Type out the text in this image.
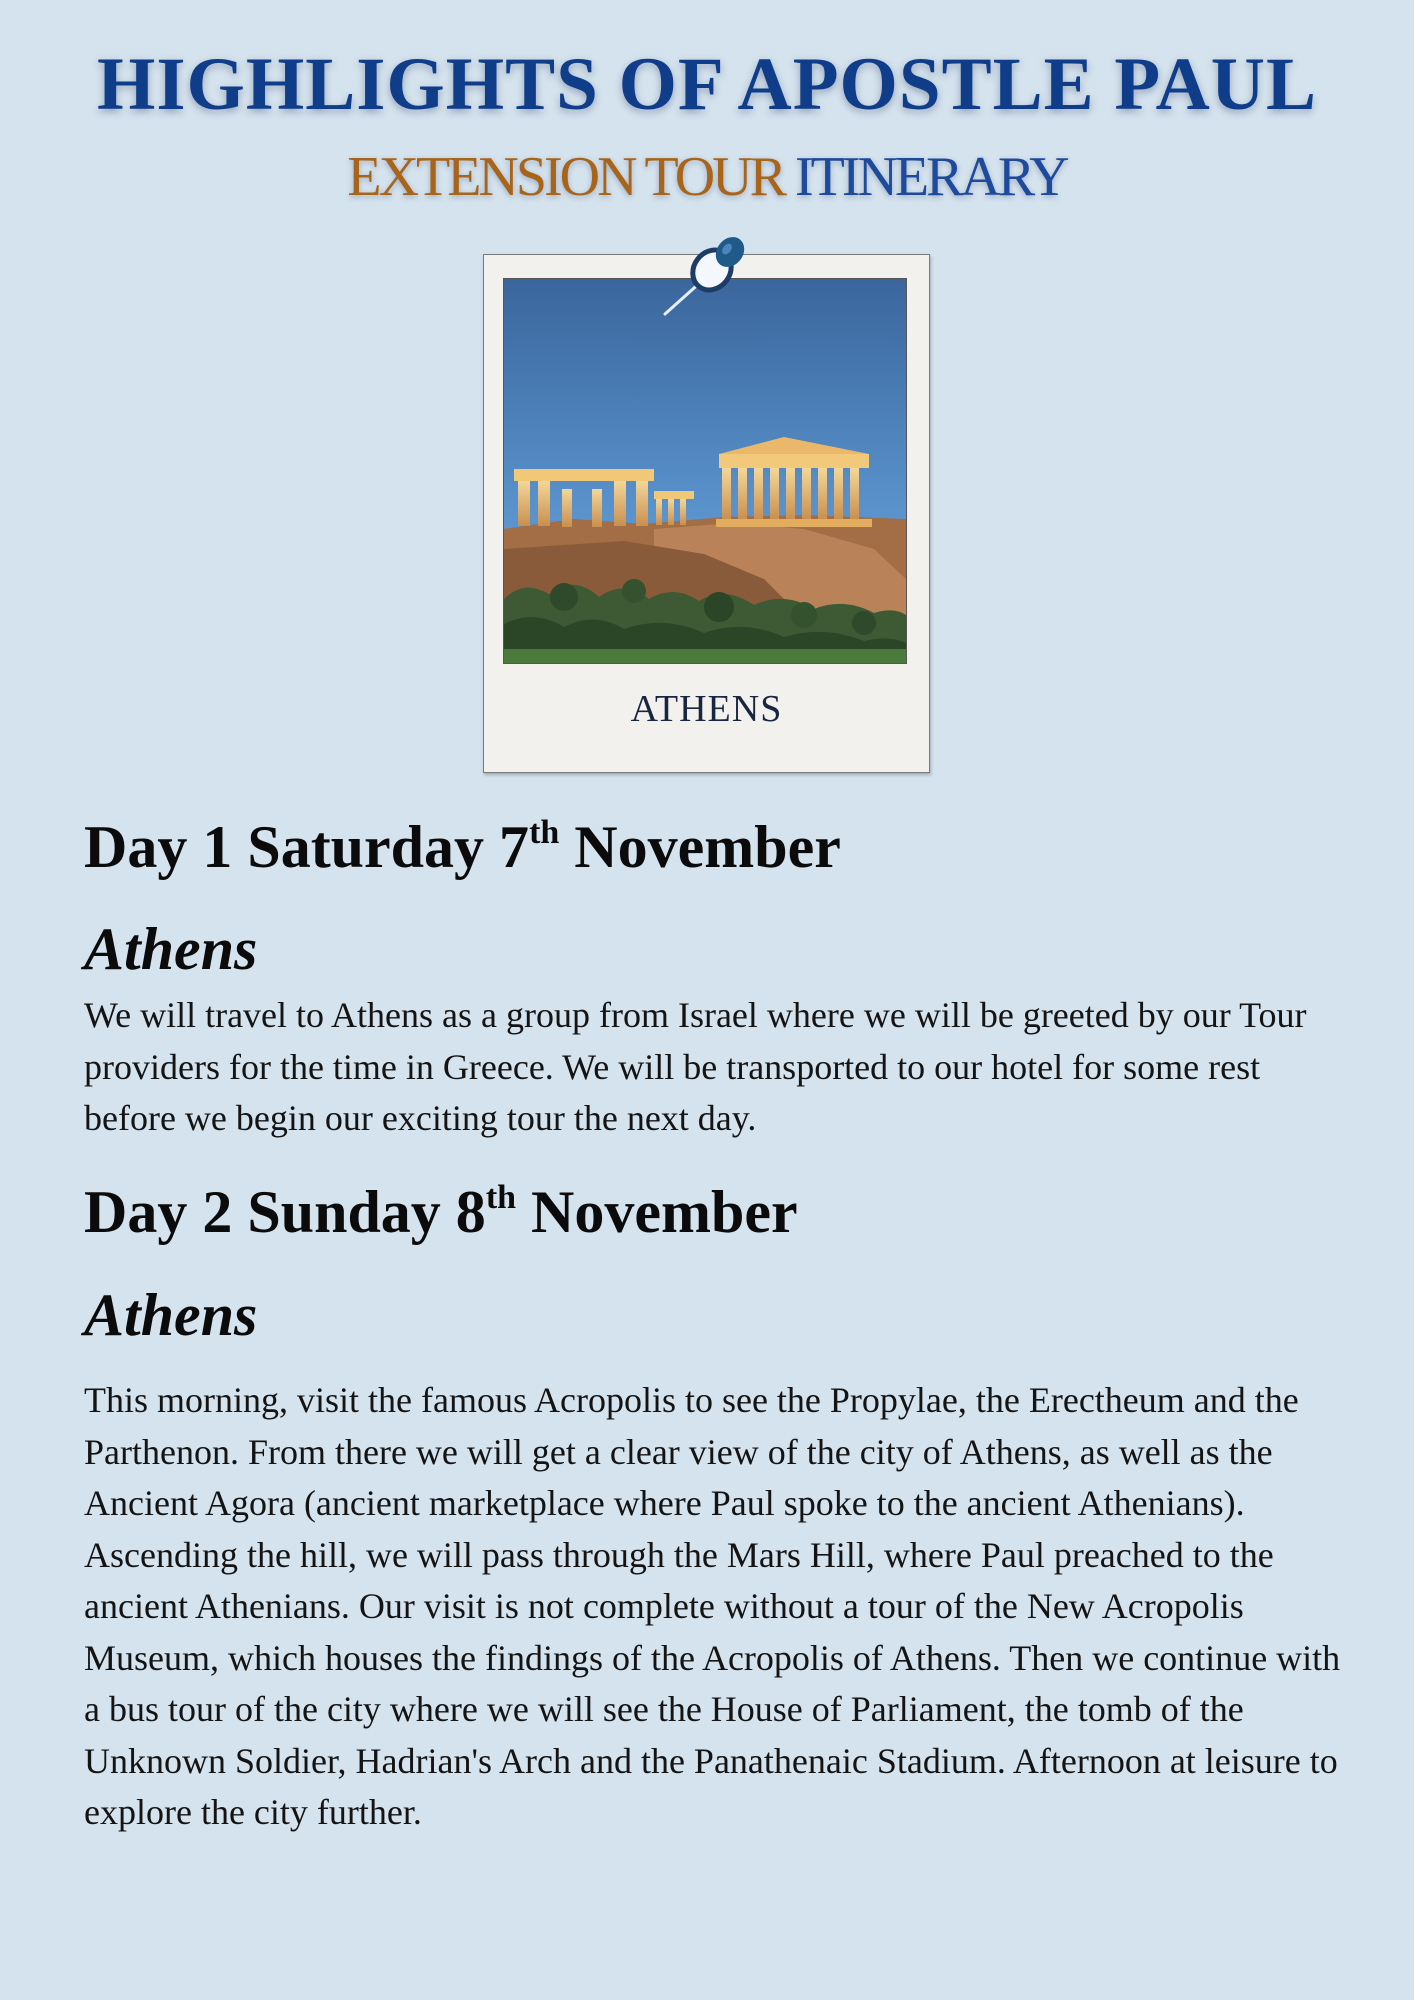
HIGHLIGHTS OF APOSTLE PAUL
EXTENSION TOUR ITINERARY
ATHENS
Day 1 Saturday 7th November
Athens
We will travel to Athens as a group from Israel where we will be greeted by our Tour providers for the time in Greece. We will be transported to our hotel for some rest before we begin our exciting tour the next day.
Day 2 Sunday 8th November
Athens
This morning, visit the famous Acropolis to see the Propylae, the Erectheum and the Parthenon. From there we will get a clear view of the city of Athens, as well as the Ancient Agora (ancient marketplace where Paul spoke to the ancient Athenians). Ascending the hill, we will pass through the Mars Hill, where Paul preached to the ancient Athenians. Our visit is not complete without a tour of the New Acropolis Museum, which houses the findings of the Acropolis of Athens. Then we continue with a bus tour of the city where we will see the House of Parliament, the tomb of the Unknown Soldier, Hadrian's Arch and the Panathenaic Stadium. Afternoon at leisure to explore the city further.
